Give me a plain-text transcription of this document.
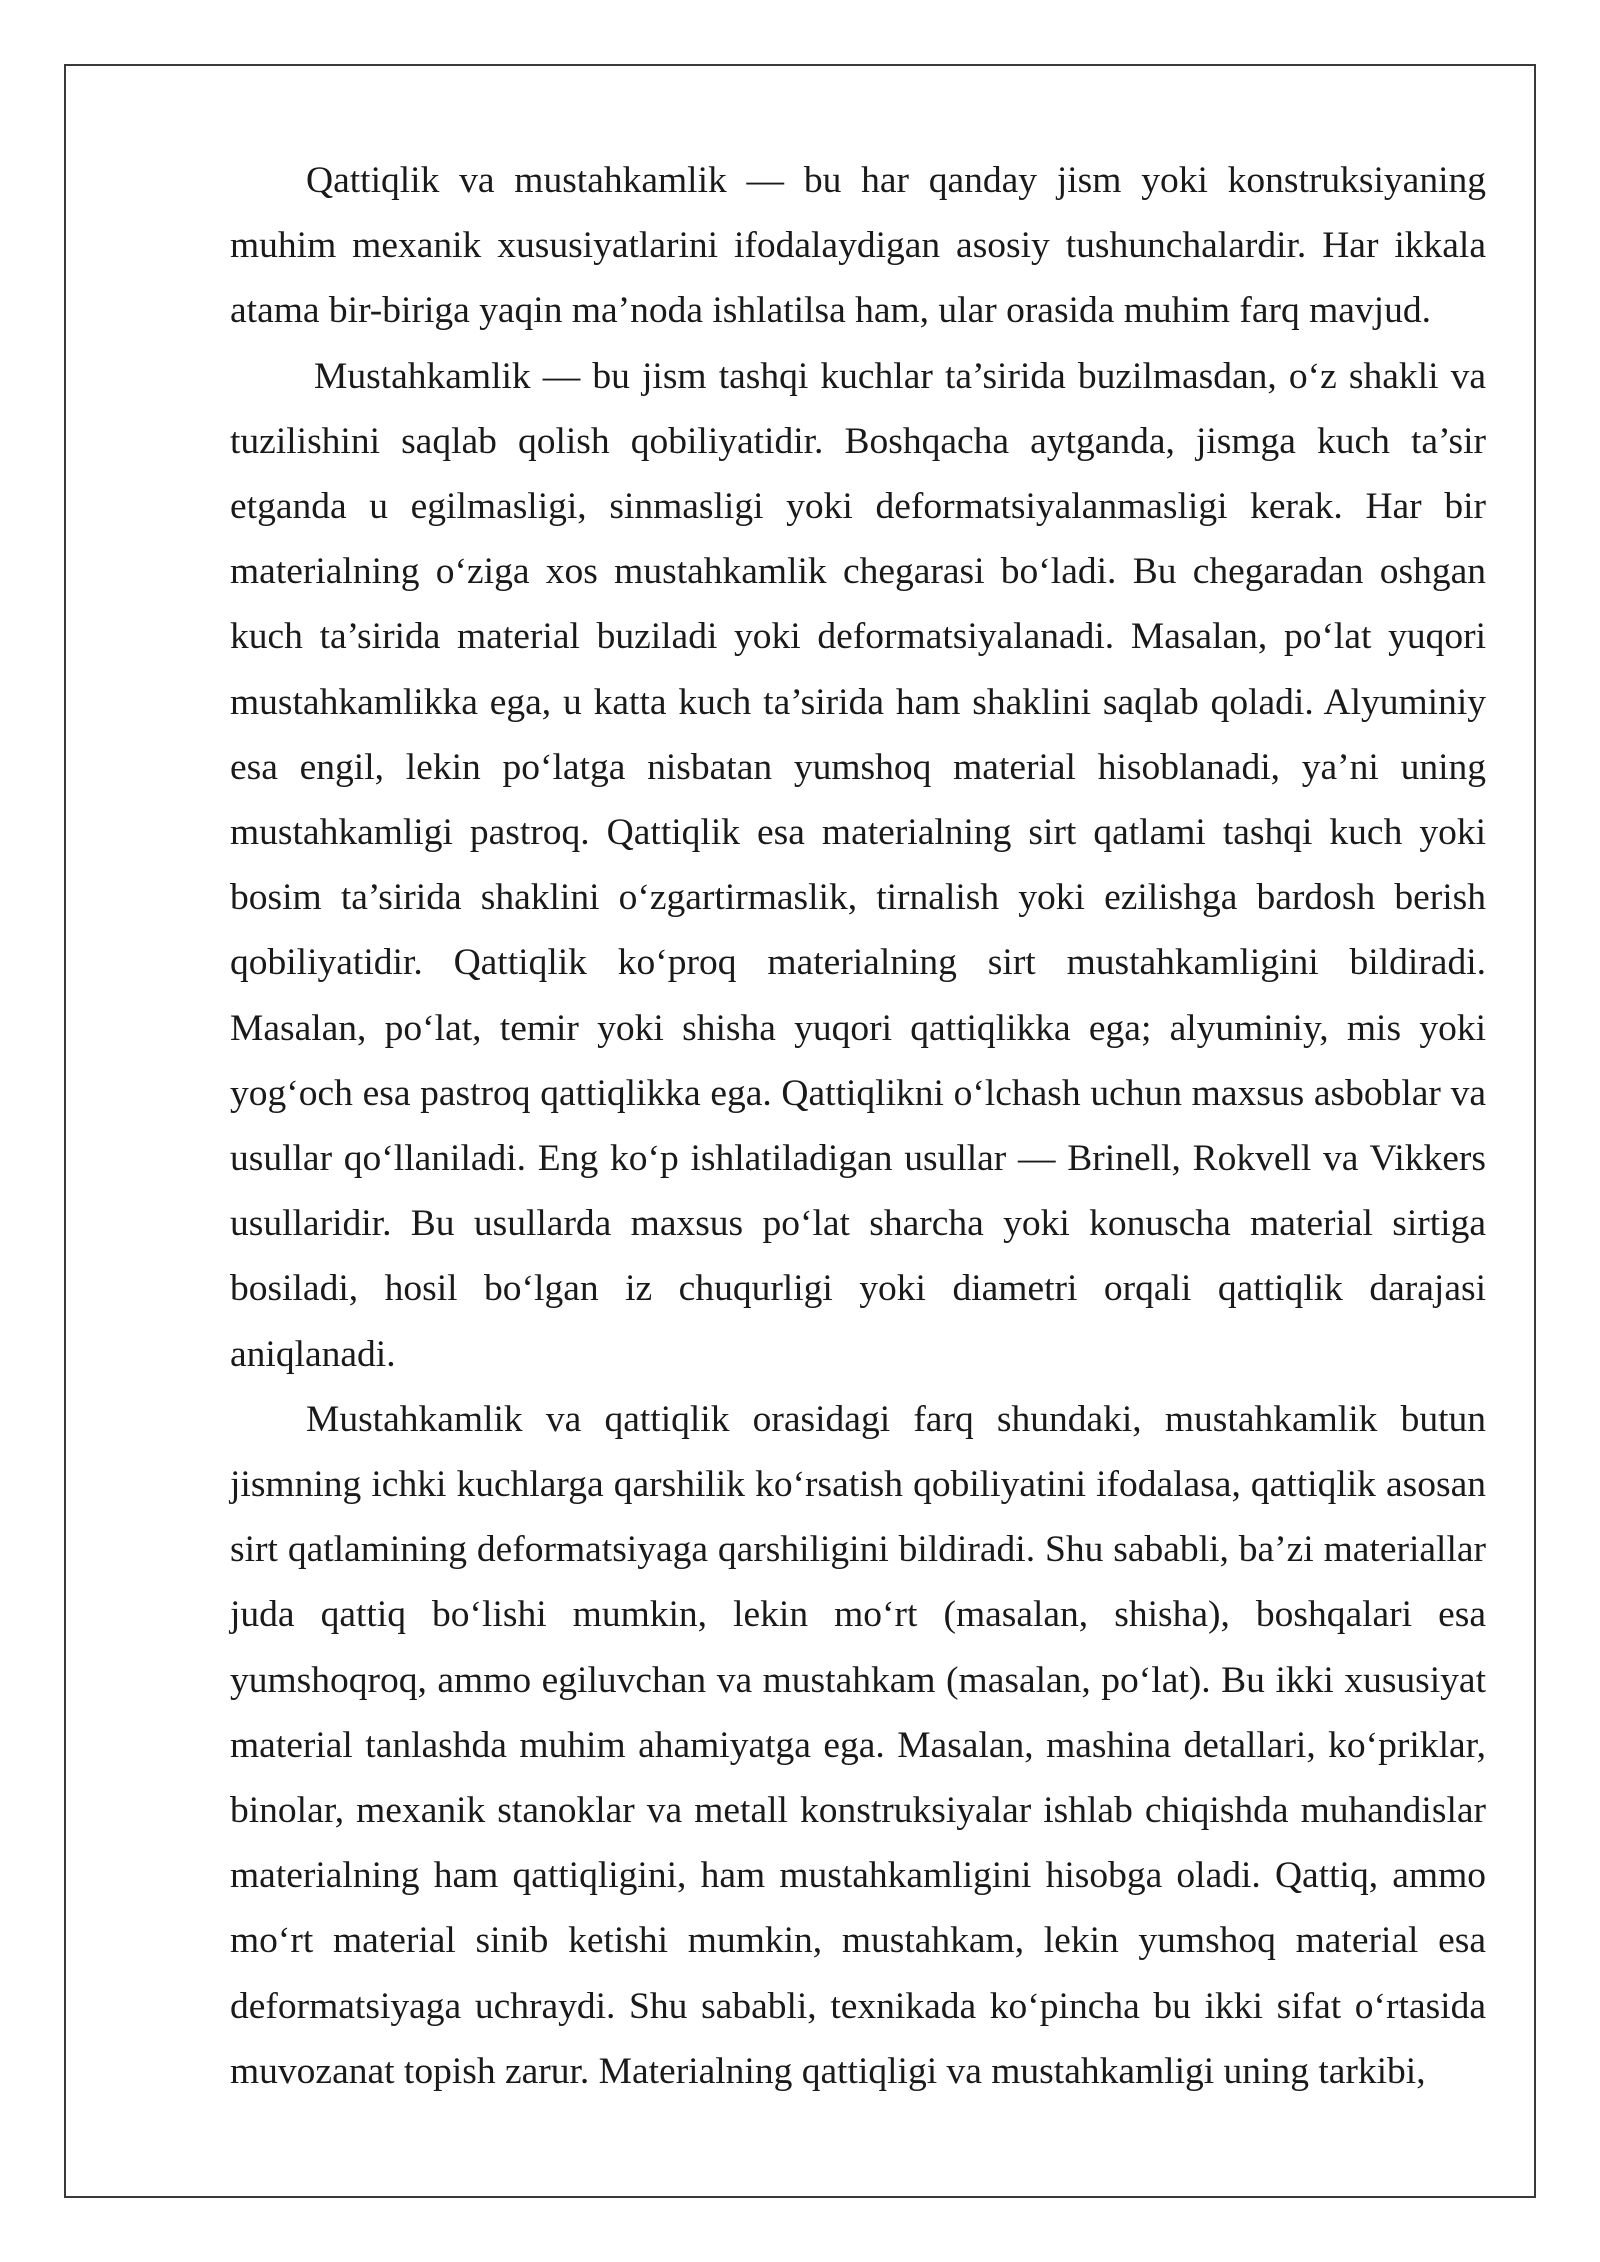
Qattiqlik va mustahkamlik — bu har qanday jism yoki konstruksiyaning muhim mexanik xususiyatlarini ifodalaydigan asosiy tushunchalardir. Har ikkala atama bir-biriga yaqin ma’noda ishlatilsa ham, ular orasida muhim farq mavjud.

Mustahkamlik — bu jism tashqi kuchlar ta’sirida buzilmasdan, o‘z shakli va tuzilishini saqlab qolish qobiliyatidir. Boshqacha aytganda, jismga kuch ta’sir etganda u egilmasligi, sinmasligi yoki deformatsiyalanmasligi kerak. Har bir materialning o‘ziga xos mustahkamlik chegarasi bo‘ladi. Bu chegaradan oshgan kuch ta’sirida material buziladi yoki deformatsiyalanadi. Masalan, po‘lat yuqori mustahkamlikka ega, u katta kuch ta’sirida ham shaklini saqlab qoladi. Alyuminiy esa engil, lekin po‘latga nisbatan yumshoq material hisoblanadi, ya’ni uning mustahkamligi pastroq. Qattiqlik esa materialning sirt qatlami tashqi kuch yoki bosim ta’sirida shaklini o‘zgartirmaslik, tirnalish yoki ezilishga bardosh berish qobiliyatidir. Qattiqlik ko‘proq materialning sirt mustahkamligini bildiradi. Masalan, po‘lat, temir yoki shisha yuqori qattiqlikka ega; alyuminiy, mis yoki yog‘och esa pastroq qattiqlikka ega. Qattiqlikni o‘lchash uchun maxsus asboblar va usullar qo‘llaniladi. Eng ko‘p ishlatiladigan usullar — Brinell, Rokvell va Vikkers usullaridir. Bu usullarda maxsus po‘lat sharcha yoki konuscha material sirtiga bosiladi, hosil bo‘lgan iz chuqurligi yoki diametri orqali qattiqlik darajasi aniqlanadi.

Mustahkamlik va qattiqlik orasidagi farq shundaki, mustahkamlik butun jismning ichki kuchlarga qarshilik ko‘rsatish qobiliyatini ifodalasa, qattiqlik asosan sirt qatlamining deformatsiyaga qarshiligini bildiradi. Shu sababli, ba’zi materiallar juda qattiq bo‘lishi mumkin, lekin mo‘rt (masalan, shisha), boshqalari esa yumshoqroq, ammo egiluvchan va mustahkam (masalan, po‘lat). Bu ikki xususiyat material tanlashda muhim ahamiyatga ega. Masalan, mashina detallari, ko‘priklar, binolar, mexanik stanoklar va metall konstruksiyalar ishlab chiqishda muhandislar materialning ham qattiqligini, ham mustahkamligini hisobga oladi. Qattiq, ammo mo‘rt material sinib ketishi mumkin, mustahkam, lekin yumshoq material esa deformatsiyaga uchraydi. Shu sababli, texnikada ko‘pincha bu ikki sifat o‘rtasida muvozanat topish zarur. Materialning qattiqligi va mustahkamligi uning tarkibi,
